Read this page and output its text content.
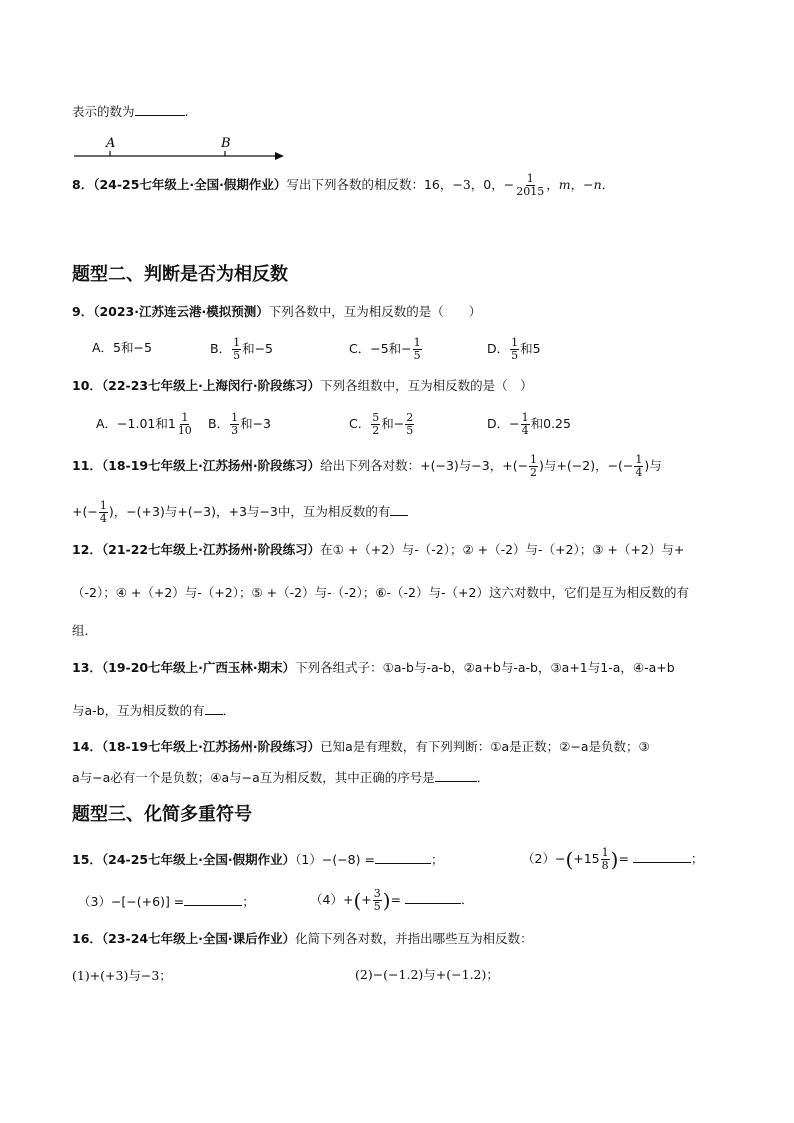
表示的数为	.
A	B
8．（24-25七年级上·全国·假期作业）写出下列各数的相反数：16，−3，0，− $\frac{1}{2015}$ ，m，−n．
题型二、判断是否为相反数
9．（2023·江苏连云港·模拟预测）下列各数中，互为相反数的是（　　）
A．5和−5	B． $\frac{1}{5}$ 和−5	C．−5和− $\frac{1}{5}$	D． $\frac{1}{5}$ 和5
10．（22-23七年级上·上海闵行·阶段练习）下列各组数中，互为相反数的是（　）
A．−1.01和$1 \frac{1}{10}$ B． $\frac{1}{3}$ 和−3	C． $\frac{5}{2}$ 和− $\frac{2}{5}$	D．− $\frac{1}{4}$ 和0.25
11．（18-19七年级上·江苏扬州·阶段练习）给出下列各对数：+(−3)与−3，+(− $\frac{1}{2}$ )与+(−2)，−(− $\frac{1}{4}$ )与
+(− $\frac{1}{4}$ )，−(+3)与+(−3)，+3与−3中，互为相反数的有
12．（21-22七年级上·江苏扬州·阶段练习）在① +（+2）与-（-2）；② +（-2）与-（+2）；③ +（+2）与+
（-2）；④ +（+2）与-（+2）；⑤ +（-2）与-（-2）；⑥-（-2）与-（+2）这六对数中，它们是互为相反数的有
组．
13．（19-20七年级上·广西玉林·期末）下列各组式子：①a-b与-a-b，②a+b与-a-b，③a+1与1-a，④-a+b
与a-b，互为相反数的有 ．
14．（18-19七年级上·江苏扬州·阶段练习）已知a是有理数，有下列判断：①a是正数；②−a是负数；③
a与−a必有一个是负数；④a与−a互为相反数，其中正确的序号是	．
题型三、化简多重符号
15．（24-25七年级上·全国·假期作业）（1）−(−8) =	；	$(2)-(+15 \frac{1}{8}$ )=	；
（3）−[−(+6)] =	；	$(4)+(+ \frac{3}{5}$ )=	．
16．（23-24七年级上·全国·课后作业）化简下列各对数，并指出哪些互为相反数：
(1)+(+3)与−3；	(2)−(−1.2)与+(−1.2)；
